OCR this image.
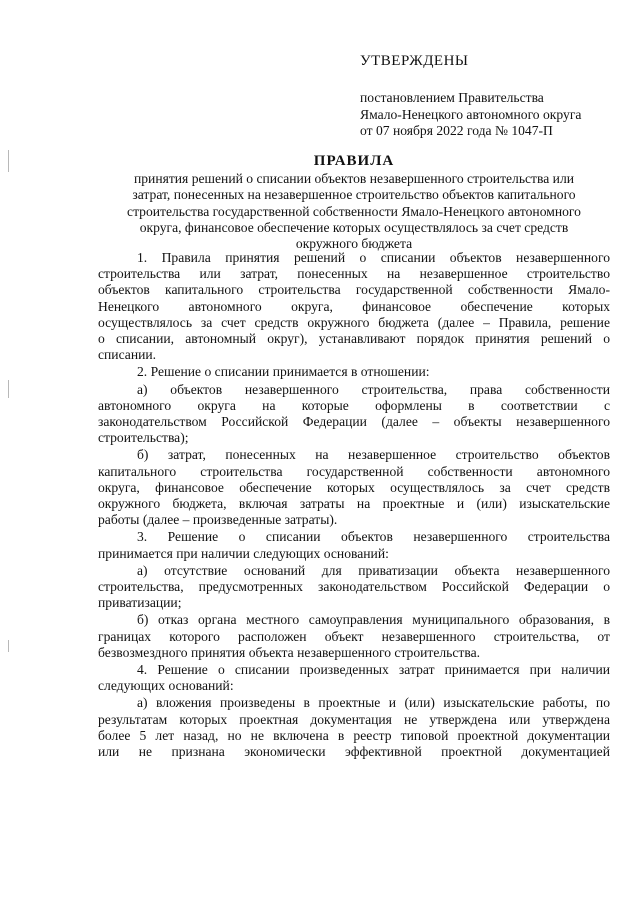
УТВЕРЖДЕНЫ
постановлением Правительства
Ямало-Ненецкого автономного округа
от 07 ноября 2022 года № 1047-П
ПРАВИЛА
принятия решений о списании объектов незавершенного строительства или
затрат, понесенных на незавершенное строительство объектов капитального
строительства государственной собственности Ямало-Ненецкого автономного
округа, финансовое обеспечение которых осуществлялось за счет средств
окружного бюджета
1. Правила принятия решений о списании объектов незавершенного
строительства или затрат, понесенных на незавершенное строительство
объектов капитального строительства государственной собственности Ямало-
Ненецкого автономного округа, финансовое обеспечение которых
осуществлялось за счет средств окружного бюджета (далее – Правила, решение
о списании, автономный округ), устанавливают порядок принятия решений о
списании.
2. Решение о списании принимается в отношении:
а) объектов незавершенного строительства, права собственности
автономного округа на которые оформлены в соответствии с
законодательством Российской Федерации (далее – объекты незавершенного
строительства);
б) затрат, понесенных на незавершенное строительство объектов
капитального строительства государственной собственности автономного
округа, финансовое обеспечение которых осуществлялось за счет средств
окружного бюджета, включая затраты на проектные и (или) изыскательские
работы (далее – произведенные затраты).
3. Решение о списании объектов незавершенного строительства
принимается при наличии следующих оснований:
а) отсутствие оснований для приватизации объекта незавершенного
строительства, предусмотренных законодательством Российской Федерации о
приватизации;
б) отказ органа местного самоуправления муниципального образования, в
границах которого расположен объект незавершенного строительства, от
безвозмездного принятия объекта незавершенного строительства.
4. Решение о списании произведенных затрат принимается при наличии
следующих оснований:
а) вложения произведены в проектные и (или) изыскательские работы, по
результатам которых проектная документация не утверждена или утверждена
более 5 лет назад, но не включена в реестр типовой проектной документации
или не признана экономически эффективной проектной документацией
